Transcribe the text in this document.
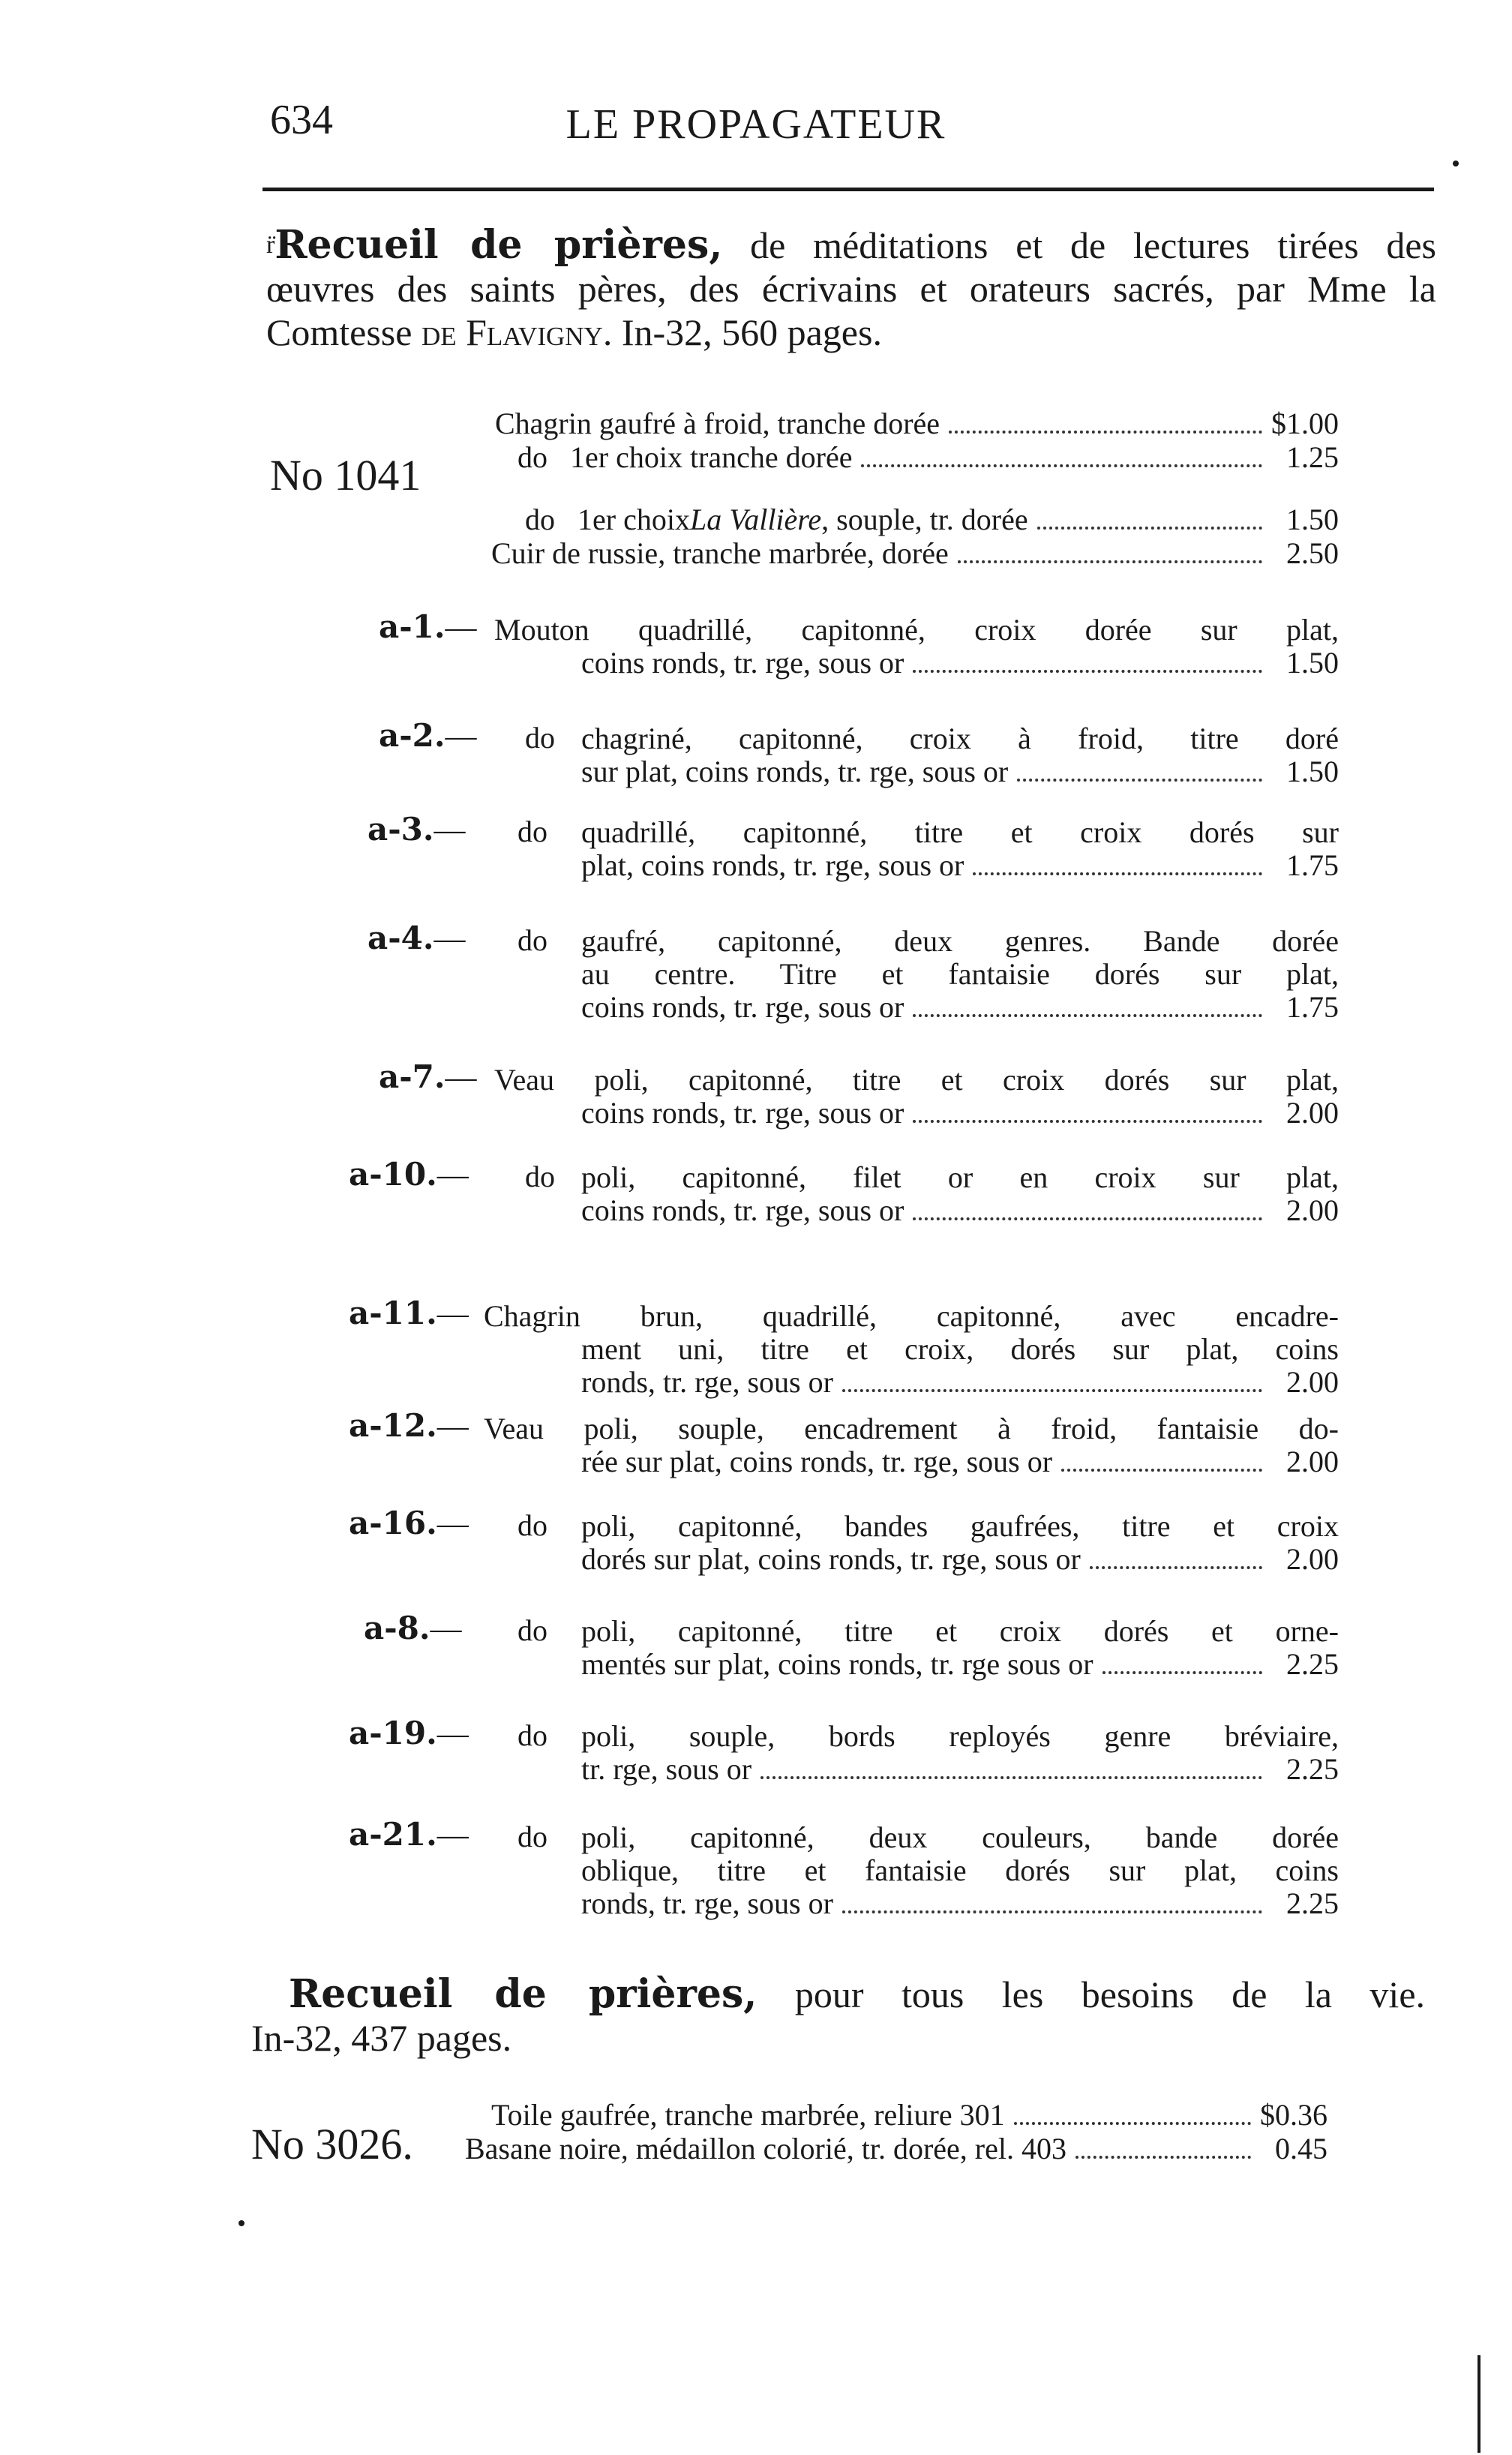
634	LE PROPAGATEUR
$^{r̈}$Recueil de prières, de méditations et de lectures tirées des
œuvres des saints pères, des écrivains et orateurs sacrés, par Mme la
Comtesse de Flavigny. In-32, 560 pages.
No 1041
Chagrin gaufré à froid, tranche dorée	$1.00
do 1er choix tranche dorée	1.25
do 1er choix La Vallière , souple, tr. dorée	1.50
Cuir de russie, tranche marbrée, dorée	2.50
a-1.— Mouton quadrillé, capitonné, croix dorée sur plat,
coins ronds, tr. rge, sous or	1.50
a-2.— do chagriné, capitonné, croix à froid, titre doré
sur plat, coins ronds, tr. rge, sous or	1.50
a-3.— do quadrillé, capitonné, titre et croix dorés sur
plat, coins ronds, tr. rge, sous or	1.75
a-4.— do gaufré, capitonné, deux genres. Bande dorée
au centre. Titre et fantaisie dorés sur plat,
coins ronds, tr. rge, sous or	1.75
a-7.— Veau poli, capitonné, titre et croix dorés sur plat,
coins ronds, tr. rge, sous or	2.00
a-10.— do poli, capitonné, filet or en croix sur plat,
coins ronds, tr. rge, sous or	2.00
a-11.— Chagrin brun, quadrillé, capitonné, avec encadre-
ment uni, titre et croix, dorés sur plat, coins
ronds, tr. rge, sous or	2.00
a-12.— Veau poli, souple, encadrement à froid, fantaisie do-
rée sur plat, coins ronds, tr. rge, sous or	2.00
a-16.— do poli, capitonné, bandes gaufrées, titre et croix
dorés sur plat, coins ronds, tr. rge, sous or	2.00
a-8.— do poli, capitonné, titre et croix dorés et orne-
mentés sur plat, coins ronds, tr. rge sous or	2.25
a-19.— do poli, souple, bords reployés genre bréviaire,
tr. rge, sous or	2.25
a-21.— do poli, capitonné, deux couleurs, bande dorée
oblique, titre et fantaisie dorés sur plat, coins
ronds, tr. rge, sous or	2.25
Recueil de prières, pour tous les besoins de la vie.
In-32, 437 pages.
No 3026.
Toile gaufrée, tranche marbrée, reliure 301	$0.36
Basane noire, médaillon colorié, tr. dorée, rel. 403	0.45
